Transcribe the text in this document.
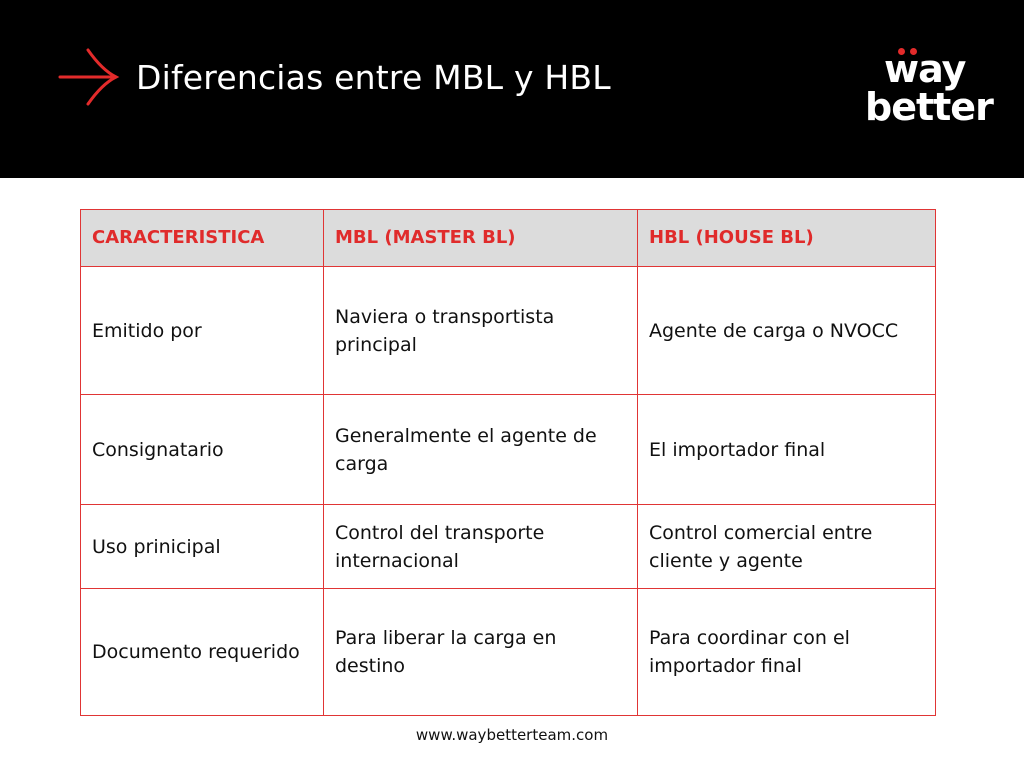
Diferencias entre MBL y HBL	way
better
CARACTERISTICA	MBL (MASTER BL)	HBL (HOUSE BL)
Emitido por	Naviera o transportista principal	Agente de carga o NVOCC
Consignatario	Generalmente el agente de carga	El importador final
Uso prinicipal	Control del transporte internacional	Control comercial entre cliente y agente
Documento requerido	Para liberar la carga en destino	Para coordinar con el importador final
www.waybetterteam.com
